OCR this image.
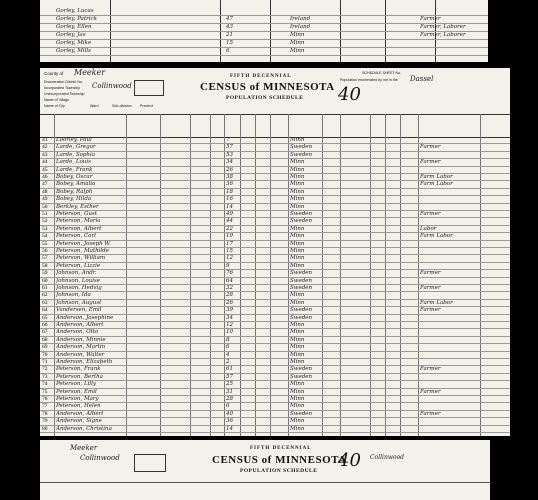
Gorley, Lucas
Gorley, Patrick	47	Ireland	Farmer
Gorley, Ellen	43	Ireland	Farmer, Laborer
Gorley, Jas	21	Minn	Farmer, Laborer
Gorley, Mike	15	Minn
Gorley, Mills	6	Minn
County of Meeker
Enumeration District No.
Incorporated Township Collinwood
Unincorporated Township
Name of Village
Name of City	Ward	Sub-division Precinct
FIFTH DECENNIAL
CENSUS of MINNESOTA
POPULATION SCHEDULE
SCHEDULE SHEET No.
Population enumerated by me in the Dassel
40
41	Loorley, Paul	7	Minn
42	Larde, Gregor	57	Sweden	Farmer
43	Larde, Sophia	53	Sweden
44	Larde, Louis	34	Minn	Farmer
45	Larde, Frank	26	Minn
46	Bobey, Oscar	38	Minn	Farm Labor
47	Bobey, Amalia	36	Minn	Farm Labor
48	Bobey, Ralph	18	Minn
49	Bobey, Hilda	16	Minn
50	Berkley, Esther	14	Minn
51	Peterson, Gust	49	Sweden	Farmer
52	Peterson, Maria	44	Sweden
53	Peterson, Albert	22	Minn	Labor
54	Peterson, Carl	19	Minn	Farm Labor
55	Peterson, Joseph W.	17	Minn
56	Peterson, Mathilde	15	Minn
57	Peterson, William	12	Minn
58	Peterson, Lizzie	9	Minn
59	Johnson, Andr.	76	Sweden	Farmer
60	Johnson, Louise	64	Sweden
61	Johnson, Hedvig	32	Sweden	Farmer
62	Johnson, Ida	28	Minn
63	Johnson, August	26	Minn	Farm Labor
64	Vandersen, Emil	39	Sweden	Farmer
65	Anderson, Josephine	34	Sweden
66	Anderson, Albert	12	Minn
67	Anderson, Otto	10	Minn
68	Anderson, Minnie	8	Minn
69	Anderson, Martin	6	Minn
70	Anderson, Walter	4	Minn
71	Anderson, Elizabeth	2	Minn
72	Peterson, Frank	61	Sweden	Farmer
73	Peterson, Bertha	57	Sweden
74	Peterson, Lilly	25	Minn
75	Peterson, Emil	31	Minn	Farmer
76	Peterson, Mary	28	Minn
77	Peterson, Helen	6	Minn
78	Anderson, Albert	40	Sweden	Farmer
79	Anderson, Signe	36	Minn
80	Anderson, Christina	14	Minn
Meeker
Collinwood
FIFTH DECENNIAL
CENSUS of MINNESOTA
POPULATION SCHEDULE 40 Collinwood
